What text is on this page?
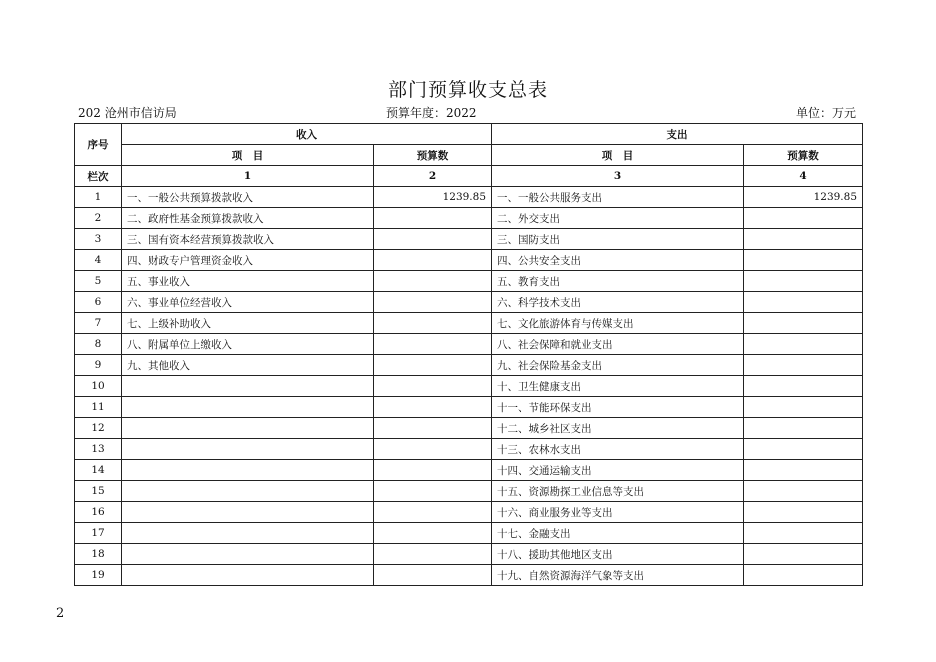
部门预算收支总表
202 沧州市信访局	预算年度：2022	单位：万元
序号	收入		支出	
	项　目	预算数	项　目	预算数
栏次	1	2	3	4
1	一、一般公共预算拨款收入	1239.85	一、一般公共服务支出	1239.85
2	二、政府性基金预算拨款收入		二、外交支出	
3	三、国有资本经营预算拨款收入		三、国防支出	
4	四、财政专户管理资金收入		四、公共安全支出	
5	五、事业收入		五、教育支出	
6	六、事业单位经营收入		六、科学技术支出	
7	七、上级补助收入		七、文化旅游体育与传媒支出	
8	八、附属单位上缴收入		八、社会保障和就业支出	
9	九、其他收入		九、社会保险基金支出	
10			十、卫生健康支出	
11			十一、节能环保支出	
12			十二、城乡社区支出	
13			十三、农林水支出	
14			十四、交通运输支出	
15			十五、资源勘探工业信息等支出	
16			十六、商业服务业等支出	
17			十七、金融支出	
18			十八、援助其他地区支出	
19			十九、自然资源海洋气象等支出	
2
